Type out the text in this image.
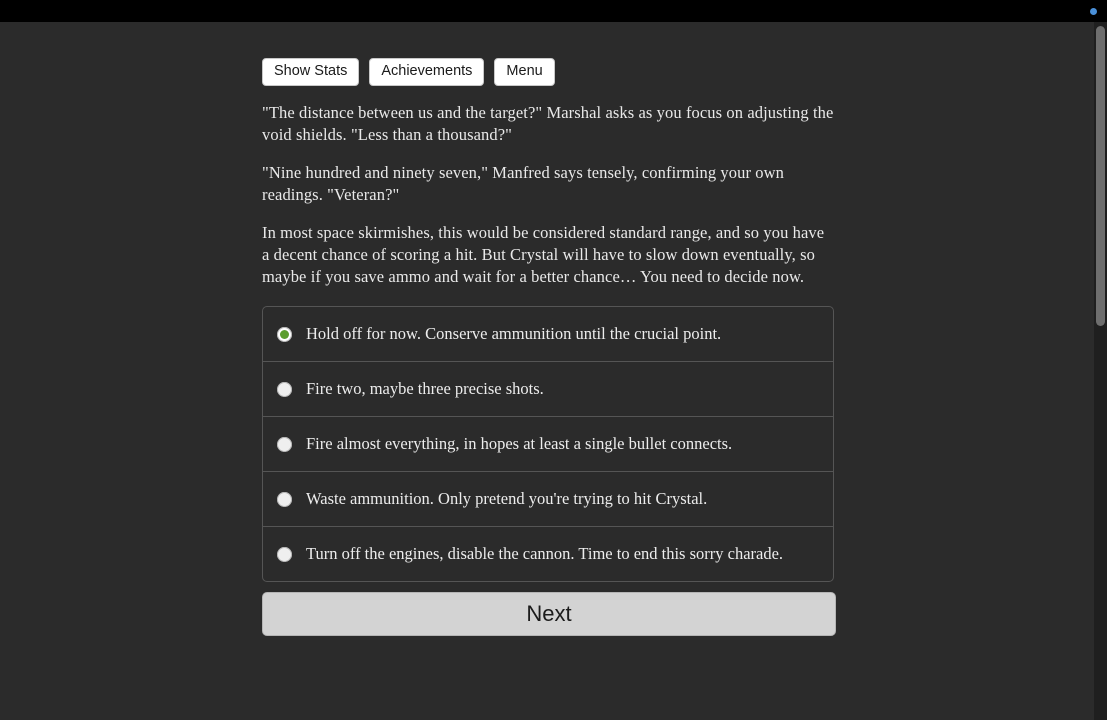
Show Stats	Achievements	Menu

"The distance between us and the target?" Marshal asks as you focus on adjusting the void shields. "Less than a thousand?"

"Nine hundred and ninety seven," Manfred says tensely, confirming your own readings. "Veteran?"

In most space skirmishes, this would be considered standard range, and so you have a decent chance of scoring a hit. But Crystal will have to slow down eventually, so maybe if you save ammo and wait for a better chance… You need to decide now.

Hold off for now. Conserve ammunition until the crucial point.
Fire two, maybe three precise shots.
Fire almost everything, in hopes at least a single bullet connects.
Waste ammunition. Only pretend you're trying to hit Crystal.
Turn off the engines, disable the cannon. Time to end this sorry charade.
Next
